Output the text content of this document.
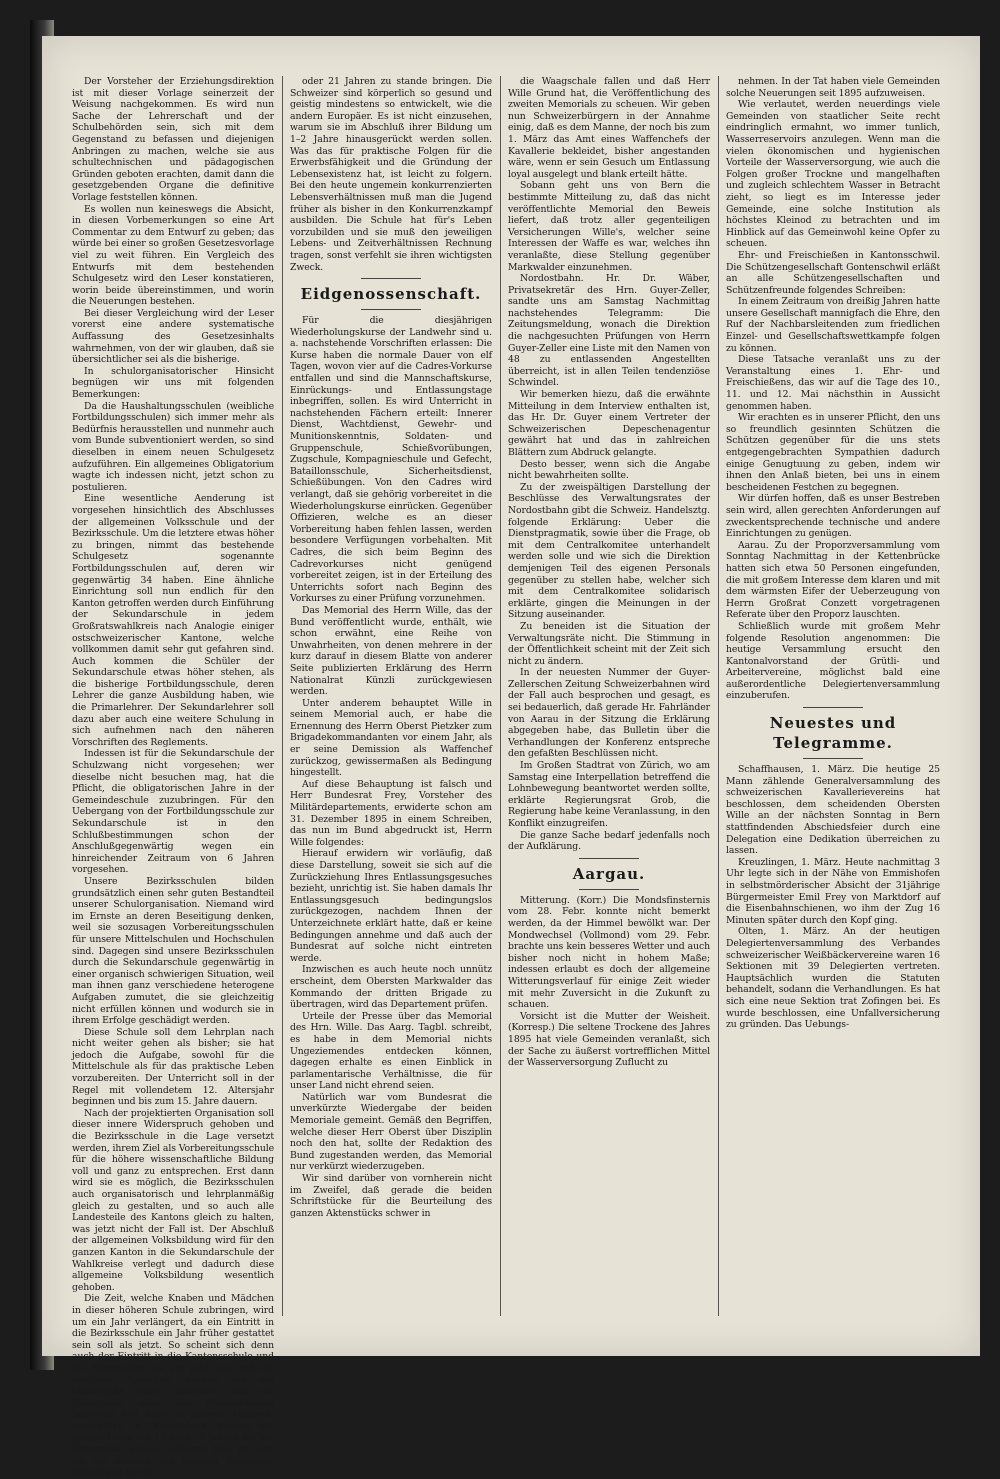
Der Vorsteher der Erziehungsdirektion ist mit dieser Vorlage seinerzeit der Weisung nachgekommen. Es wird nun Sache der Lehrerschaft und der Schulbehörden sein, sich mit dem Gegenstand zu befassen und diejenigen Anbringen zu machen, welche sie aus schultechnischen und pädagogischen Gründen geboten erachten, damit dann die gesetzgebenden Organe die definitive Vorlage feststellen können.

Es wollen nun keineswegs die Absicht, in diesen Vorbemerkungen so eine Art Commentar zu dem Entwurf zu geben; das würde bei einer so großen Gesetzesvorlage viel zu weit führen. Ein Vergleich des Entwurfs mit dem bestehenden Schulgesetz wird den Leser konstatieren, worin beide übereinstimmen, und worin die Neuerungen bestehen.

Bei dieser Vergleichung wird der Leser vorerst eine andere systematische Auffassung des Gesetzesinhalts wahrnehmen, von der wir glauben, daß sie übersichtlicher sei als die bisherige.

In schulorganisatorischer Hinsicht begnügen wir uns mit folgenden Bemerkungen:

Da die Haushaltungsschulen (weibliche Fortbildungsschulen) sich immer mehr als Bedürfnis herausstellen und nunmehr auch vom Bunde subventioniert werden, so sind dieselben in einem neuen Schulgesetz aufzuführen. Ein allgemeines Obligatorium wagte ich indessen nicht, jetzt schon zu postulieren.

Eine wesentliche Aenderung ist vorgesehen hinsichtlich des Abschlusses der allgemeinen Volksschule und der Bezirksschule. Um die letztere etwas höher zu bringen, nimmt das bestehende Schulgesetz sogenannte Fortbildungsschulen auf, deren wir gegenwärtig 34 haben. Eine ähnliche Einrichtung soll nun endlich für den Kanton getroffen werden durch Einführung der Sekundarschule in jedem Großratswahlkreis nach Analogie einiger ostschweizerischer Kantone, welche vollkommen damit sehr gut gefahren sind. Auch kommen die Schüler der Sekundarschule etwas höher stehen, als die bisherige Fortbildungsschule, deren Lehrer die ganze Ausbildung haben, wie die Primarlehrer. Der Sekundarlehrer soll dazu aber auch eine weitere Schulung in sich aufnehmen nach den näheren Vorschriften des Reglements.

Indessen ist für die Sekundarschule der Schulzwang nicht vorgesehen; wer dieselbe nicht besuchen mag, hat die Pflicht, die obligatorischen Jahre in der Gemeindeschule zuzubringen. Für den Uebergang von der Fortbildungsschule zur Sekundarschule ist in den Schlußbestimmungen schon der Anschlußgegenwärtig wegen ein hinreichender Zeitraum von 6 Jahren vorgesehen.

Unsere Bezirksschulen bilden grundsätzlich einen sehr guten Bestandteil unserer Schulorganisation. Niemand wird im Ernste an deren Beseitigung denken, weil sie sozusagen Vorbereitungsschulen für unsere Mittelschulen und Hochschulen sind. Dagegen sind unsere Bezirksschulen durch die Sekundarschule gegenwärtig in einer organisch schwierigen Situation, weil man ihnen ganz verschiedene heterogene Aufgaben zumutet, die sie gleichzeitig nicht erfüllen können und wodurch sie in ihrem Erfolge geschädigt werden.

Diese Schule soll dem Lehrplan nach nicht weiter gehen als bisher; sie hat jedoch die Aufgabe, sowohl für die Mittelschule als für das praktische Leben vorzubereiten. Der Unterricht soll in der Regel mit vollendetem 12. Altersjahr beginnen und bis zum 15. Jahre dauern.

Nach der projektierten Organisation soll dieser innere Widerspruch gehoben und die Bezirksschule in die Lage versetzt werden, ihrem Ziel als Vorbereitungsschule für die höhere wissenschaftliche Bildung voll und ganz zu entsprechen. Erst dann wird sie es möglich, die Bezirksschulen auch organisatorisch und lehrplanmäßig gleich zu gestalten, und so auch alle Landesteile des Kantons gleich zu halten, was jetzt nicht der Fall ist. Der Abschluß der allgemeinen Volksbildung wird für den ganzen Kanton in die Sekundarschule der Wahlkreise verlegt und dadurch diese allgemeine Volksbildung wesentlich gehoben.

Die Zeit, welche Knaben und Mädchen in dieser höheren Schule zubringen, wird um ein Jahr verlängert, da ein Eintritt in die Bezirksschule ein Jahr früher gestattet sein soll als jetzt. So scheint sich denn auch der Eintritt in die Kantonsschule und die Seminarien um ein Jahr vor, und die letzteren Anstalten werden um ein Lebensjahr früher absolviert. Wer die Universität oder das Polytechnikum besuchen will, kann in anderen Ländern, namentlich in Deutschland, können die jungen Leute mit 18 oder 19 Jahren auf die Universität gehen, während dies bei uns für die meisten der meisten Schweizer jedoch erst mit 20

oder 21 Jahren zu stande bringen. Die Schweizer sind körperlich so gesund und geistig mindestens so entwickelt, wie die andern Europäer. Es ist nicht einzusehen, warum sie im Abschluß ihrer Bildung um 1–2 Jahre hinausgerückt werden sollen. Was das für praktische Folgen für die Erwerbsfähigkeit und die Gründung der Lebensexistenz hat, ist leicht zu folgern. Bei den heute ungemein konkurrenzierten Lebensverhältnissen muß man die Jugend früher als bisher in den Konkurrenzkampf ausbilden. Die Schule hat für's Leben vorzubilden und sie muß den jeweiligen Lebens- und Zeitverhältnissen Rechnung tragen, sonst verfehlt sie ihren wichtigsten Zweck.

Eidgenossenschaft.

Für die diesjährigen Wiederholungskurse der Landwehr sind u. a. nachstehende Vorschriften erlassen: Die Kurse haben die normale Dauer von elf Tagen, wovon vier auf die Cadres-Vorkurse entfallen und sind die Mannschaftskurse, Einrückungs- und Entlassungstage inbegriffen, sollen. Es wird Unterricht in nachstehenden Fächern erteilt: Innerer Dienst, Wachtdienst, Gewehr- und Munitionskenntnis, Soldaten- und Gruppenschule, Schießvorübungen, Zugschule, Kompagnieschule und Gefecht, Bataillonsschule, Sicherheitsdienst, Schießübungen. Von den Cadres wird verlangt, daß sie gehörig vorbereitet in die Wiederholungskurse einrücken. Gegenüber Offizieren, welche es an dieser Vorbereitung haben fehlen lassen, werden besondere Verfügungen vorbehalten. Mit Cadres, die sich beim Beginn des Cadrevorkurses nicht genügend vorbereitet zeigen, ist in der Erteilung des Unterrichts sofort nach Beginn des Vorkurses zu einer Prüfung vorzunehmen.

Das Memorial des Herrn Wille, das der Bund veröffentlicht wurde, enthält, wie schon erwähnt, eine Reihe von Unwahrheiten, von denen mehrere in der kurz darauf in diesem Blatte von anderer Seite publizierten Erklärung des Herrn Nationalrat Künzli zurückgewiesen werden.

Unter anderem behauptet Wille in seinem Memorial auch, er habe die Ernennung des Herrn Oberst Pietzker zum Brigadekommandanten vor einem Jahr, als er seine Demission als Waffenchef zurückzog, gewissermaßen als Bedingung hingestellt.

Auf diese Behauptung ist falsch und Herr Bundesrat Frey, Vorsteher des Militärdepartements, erwiderte schon am 31. Dezember 1895 in einem Schreiben, das nun im Bund abgedruckt ist, Herrn Wille folgendes:

Hierauf erwidern wir vorläufig, daß diese Darstellung, soweit sie sich auf die Zurückziehung Ihres Entlassungsgesuches bezieht, unrichtig ist. Sie haben damals Ihr Entlassungsgesuch bedingungslos zurückgezogen, nachdem Ihnen der Unterzeichnete erklärt hatte, daß er keine Bedingungen annehme und daß auch der Bundesrat auf solche nicht eintreten werde.

Inzwischen es auch heute noch unnütz erscheint, dem Obersten Markwalder das Kommando der dritten Brigade zu übertragen, wird das Departement prüfen.

Urteile der Presse über das Memorial des Hrn. Wille. Das Aarg. Tagbl. schreibt, es habe in dem Memorial nichts Ungeziemendes entdecken können, dagegen erhalte es einen Einblick in parlamentarische Verhältnisse, die für unser Land nicht ehrend seien.

Natürlich war vom Bundesrat die unverkürzte Wiedergabe der beiden Memoriale gemeint. Gemäß den Begriffen, welche dieser Herr Oberst über Disziplin noch den hat, sollte der Redaktion des Bund zugestanden werden, das Memorial nur verkürzt wiederzugeben.

Wir sind darüber von vornherein nicht im Zweifel, daß gerade die beiden Schriftstücke für die Beurteilung des ganzen Aktenstücks schwer in

die Waagschale fallen und daß Herr Wille Grund hat, die Veröffentlichung des zweiten Memorials zu scheuen. Wir geben nun Schweizerbürgern in der Annahme einig, daß es dem Manne, der noch bis zum 1. März das Amt eines Waffenchefs der Kavallerie bekleidet, bisher angestanden wäre, wenn er sein Gesuch um Entlassung loyal ausgelegt und blank erteilt hätte.

Sobann geht uns von Bern die bestimmte Mitteilung zu, daß das nicht veröffentlichte Memorial den Beweis liefert, daß trotz aller gegenteiligen Versicherungen Wille's, welcher seine Interessen der Waffe es war, welches ihn veranlaßte, diese Stellung gegenüber Markwalder einzunehmen.

Nordostbahn. Hr. Dr. Wäber, Privatsekretär des Hrn. Guyer-Zeller, sandte uns am Samstag Nachmittag nachstehendes Telegramm: Die Zeitungsmeldung, wonach die Direktion die nachgesuchten Prüfungen von Herrn Guyer-Zeller eine Liste mit den Namen von 48 zu entlassenden Angestellten überreicht, ist in allen Teilen tendenziöse Schwindel.

Wir bemerken hiezu, daß die erwähnte Mitteilung in dem Interview enthalten ist, das Hr. Dr. Guyer einem Vertreter der Schweizerischen Depeschenagentur gewährt hat und das in zahlreichen Blättern zum Abdruck gelangte.

Desto besser, wenn sich die Angabe nicht bewahrheiten sollte.

Zu der zweispältigen Darstellung der Beschlüsse des Verwaltungsrates der Nordostbahn gibt die Schweiz. Handelsztg. folgende Erklärung: Ueber die Dienstpragmatik, sowie über die Frage, ob mit dem Centralkomitee unterhandelt werden solle und wie sich die Direktion demjenigen Teil des eigenen Personals gegenüber zu stellen habe, welcher sich mit dem Centralkomitee solidarisch erklärte, gingen die Meinungen in der Sitzung auseinander.

Zu beneiden ist die Situation der Verwaltungsräte nicht. Die Stimmung in der Öffentlichkeit scheint mit der Zeit sich nicht zu ändern.

In der neuesten Nummer der Guyer-Zellerschen Zeitung Schweizerbahnen wird der Fall auch besprochen und gesagt, es sei bedauerlich, daß gerade Hr. Fahrländer von Aarau in der Sitzung die Erklärung abgegeben habe, das Bulletin über die Verhandlungen der Konferenz entspreche den gefaßten Beschlüssen nicht.

Im Großen Stadtrat von Zürich, wo am Samstag eine Interpellation betreffend die Lohnbewegung beantwortet werden sollte, erklärte Regierungsrat Grob, die Regierung habe keine Veranlassung, in den Konflikt einzugreifen.

Die ganze Sache bedarf jedenfalls noch der Aufklärung.

Aargau.

Mitterung. (Korr.) Die Mondsfinsternis vom 28. Febr. konnte nicht bemerkt werden, da der Himmel bewölkt war. Der Mondwechsel (Vollmond) vom 29. Febr. brachte uns kein besseres Wetter und auch bisher noch nicht in hohem Maße; indessen erlaubt es doch der allgemeine Witterungsverlauf für einige Zeit wieder mit mehr Zuversicht in die Zukunft zu schauen.

Vorsicht ist die Mutter der Weisheit. (Korresp.) Die seltene Trockene des Jahres 1895 hat viele Gemeinden veranlaßt, sich der Sache zu äußerst vortrefflichen Mittel der Wasserversorgung Zuflucht zu

nehmen. In der Tat haben viele Gemeinden solche Neuerungen seit 1895 aufzuweisen.

Wie verlautet, werden neuerdings viele Gemeinden von staatlicher Seite recht eindringlich ermahnt, wo immer tunlich, Wasserreservoirs anzulegen. Wenn man die vielen ökonomischen und hygienischen Vorteile der Wasserversorgung, wie auch die Folgen großer Trockne und mangelhaften und zugleich schlechtem Wasser in Betracht zieht, so liegt es im Interesse jeder Gemeinde, eine solche Institution als höchstes Kleinod zu betrachten und im Hinblick auf das Gemeinwohl keine Opfer zu scheuen.

Ehr- und Freischießen in Kantonsschwil. Die Schützengesellschaft Gontenschwil erläßt an alle Schützengesellschaften und Schützenfreunde folgendes Schreiben:

In einem Zeitraum von dreißig Jahren hatte unsere Gesellschaft mannigfach die Ehre, den Ruf der Nachbarsleitenden zum friedlichen Einzel- und Gesellschaftswettkampfe folgen zu können.

Diese Tatsache veranlaßt uns zu der Veranstaltung eines 1. Ehr- und Freischießens, das wir auf die Tage des 10., 11. und 12. Mai nächsthin in Aussicht genommen haben.

Wir erachten es in unserer Pflicht, den uns so freundlich gesinnten Schützen die Schützen gegenüber für die uns stets entgegengebrachten Sympathien dadurch einige Genugtuung zu geben, indem wir ihnen den Anlaß bieten, bei uns in einem bescheidenen Festchen zu begegnen.

Wir dürfen hoffen, daß es unser Bestreben sein wird, allen gerechten Anforderungen auf zweckentsprechende technische und andere Einrichtungen zu genügen.

Aarau. Zu der Proporzversammlung vom Sonntag Nachmittag in der Kettenbrücke hatten sich etwa 50 Personen eingefunden, die mit großem Interesse dem klaren und mit dem wärmsten Eifer der Ueberzeugung von Herrn Großrat Conzett vorgetragenen Referate über den Proporz lauschten.

Schließlich wurde mit großem Mehr folgende Resolution angenommen: Die heutige Versammlung ersucht den Kantonalvorstand der Grütli- und Arbeitervereine, möglichst bald eine außerordentliche Delegiertenversammlung einzuberufen.

Neuestes und Telegramme.

Schaffhausen, 1. März. Die heutige 25 Mann zählende Generalversammlung des schweizerischen Kavallerievereins hat beschlossen, dem scheidenden Obersten Wille an der nächsten Sonntag in Bern stattfindenden Abschiedsfeier durch eine Delegation eine Dedikation überreichen zu lassen.

Kreuzlingen, 1. März. Heute nachmittag 3 Uhr legte sich in der Nähe von Emmishofen in selbstmörderischer Absicht der 31jährige Bürgermeister Emil Frey von Marktdorf auf die Eisenbahnschienen, wo ihm der Zug 16 Minuten später durch den Kopf ging.

Olten, 1. März. An der heutigen Delegiertenversammlung des Verbandes schweizerischer Weißbäckervereine waren 16 Sektionen mit 39 Delegierten vertreten. Hauptsächlich wurden die Statuten behandelt, sodann die Verhandlungen. Es hat sich eine neue Sektion trat Zofingen bei. Es wurde beschlossen, eine Unfallversicherung zu gründen. Das Uebungs-
